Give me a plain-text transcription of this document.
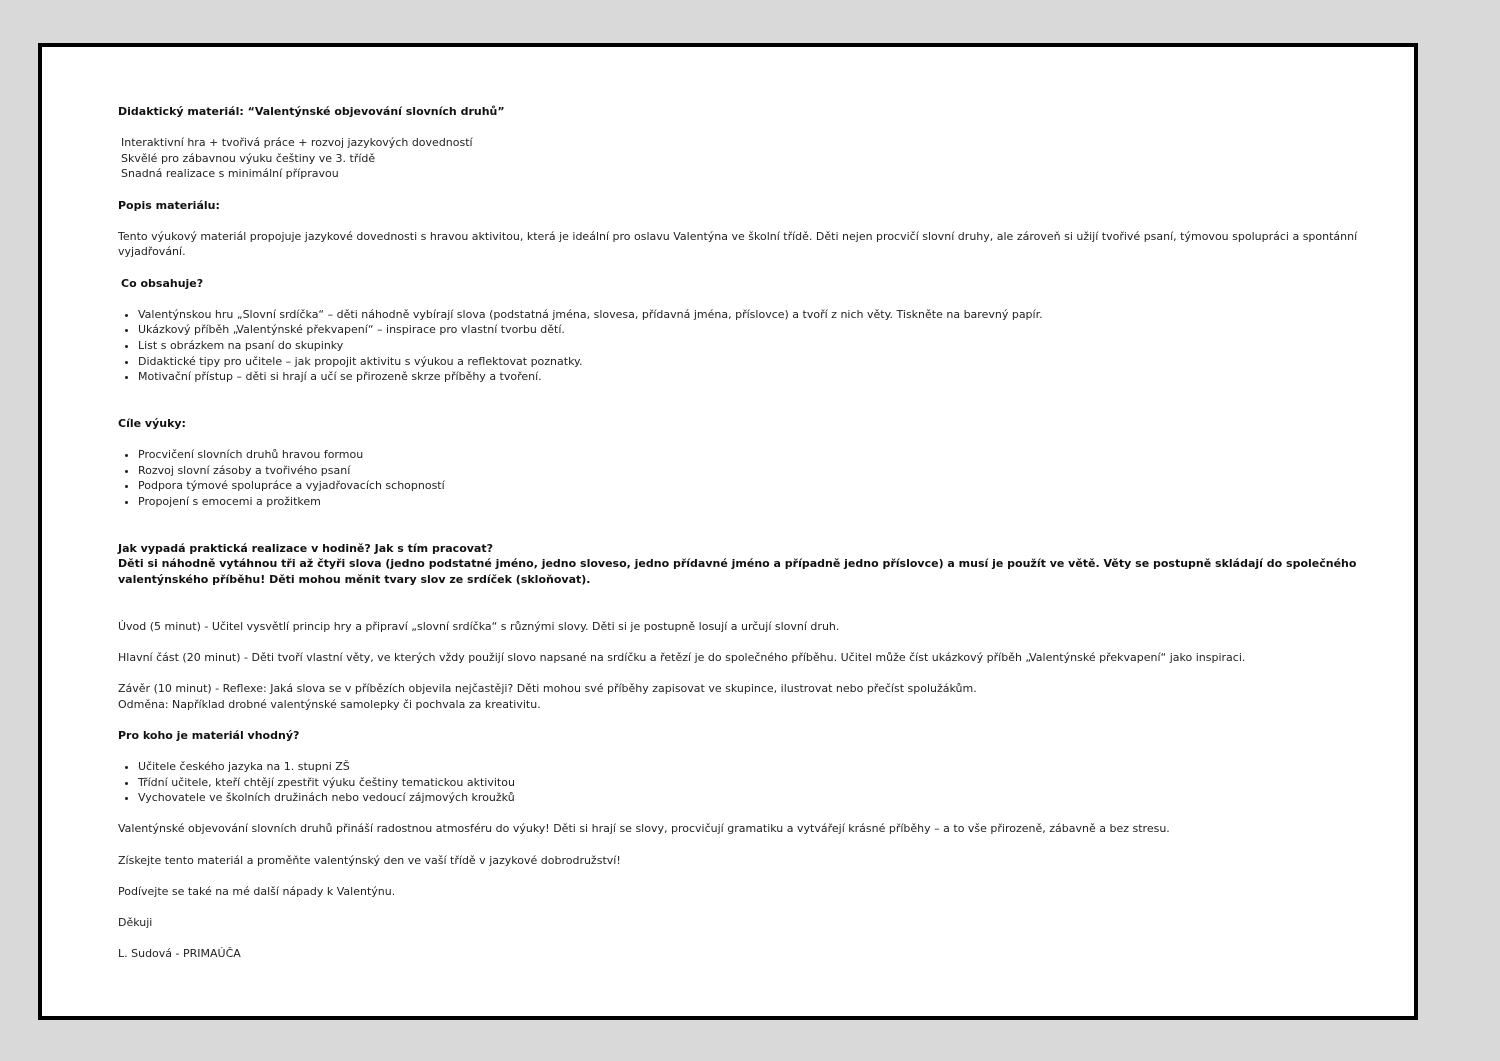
Didaktický materiál: “Valentýnské objevování slovních druhů”

Interaktivní hra + tvořivá práce + rozvoj jazykových dovedností

Skvělé pro zábavnou výuku češtiny ve 3. třídě

Snadná realizace s minimální přípravou

Popis materiálu:

Tento výukový materiál propojuje jazykové dovednosti s hravou aktivitou, která je ideální pro oslavu Valentýna ve školní třídě. Děti nejen procvičí slovní druhy, ale zároveň si užijí tvořivé psaní, týmovou spolupráci a spontánní vyjadřování.

Co obsahuje?

• Valentýnskou hru „Slovní srdíčka“ – děti náhodně vybírají slova (podstatná jména, slovesa, přídavná jména, příslovce) a tvoří z nich věty. Tiskněte na barevný papír.
• Ukázkový příběh „Valentýnské překvapení“ – inspirace pro vlastní tvorbu dětí.
• List s obrázkem na psaní do skupinky
• Didaktické tipy pro učitele – jak propojit aktivitu s výukou a reflektovat poznatky.
• Motivační přístup – děti si hrají a učí se přirozeně skrze příběhy a tvoření.

Cíle výuky:

• Procvičení slovních druhů hravou formou
• Rozvoj slovní zásoby a tvořivého psaní
• Podpora týmové spolupráce a vyjadřovacích schopností
• Propojení s emocemi a prožitkem

Jak vypadá praktická realizace v hodině? Jak s tím pracovat?

Děti si náhodně vytáhnou tři až čtyři slova (jedno podstatné jméno, jedno sloveso, jedno přídavné jméno a případně jedno příslovce) a musí je použít ve větě. Věty se postupně skládají do společného valentýnského příběhu! Děti mohou měnit tvary slov ze srdíček (skloňovat).

Úvod (5 minut) - Učitel vysvětlí princip hry a připraví „slovní srdíčka“ s různými slovy. Děti si je postupně losují a určují slovní druh.

Hlavní část (20 minut) - Děti tvoří vlastní věty, ve kterých vždy použijí slovo napsané na srdíčku a řetězí je do společného příběhu. Učitel může číst ukázkový příběh „Valentýnské překvapení“ jako inspiraci.

Závěr (10 minut) - Reflexe: Jaká slova se v příbězích objevila nejčastěji? Děti mohou své příběhy zapisovat ve skupince, ilustrovat nebo přečíst spolužákům.

Odměna: Například drobné valentýnské samolepky či pochvala za kreativitu.

Pro koho je materiál vhodný?

• Učitele českého jazyka na 1. stupni ZŠ
• Třídní učitele, kteří chtějí zpestřit výuku češtiny tematickou aktivitou
• Vychovatele ve školních družinách nebo vedoucí zájmových kroužků

Valentýnské objevování slovních druhů přináší radostnou atmosféru do výuky! Děti si hrají se slovy, procvičují gramatiku a vytvářejí krásné příběhy – a to vše přirozeně, zábavně a bez stresu.

Získejte tento materiál a proměňte valentýnský den ve vaší třídě v jazykové dobrodružství!

Podívejte se také na mé další nápady k Valentýnu.

Děkuji

L. Sudová - PRIMAÚČA
